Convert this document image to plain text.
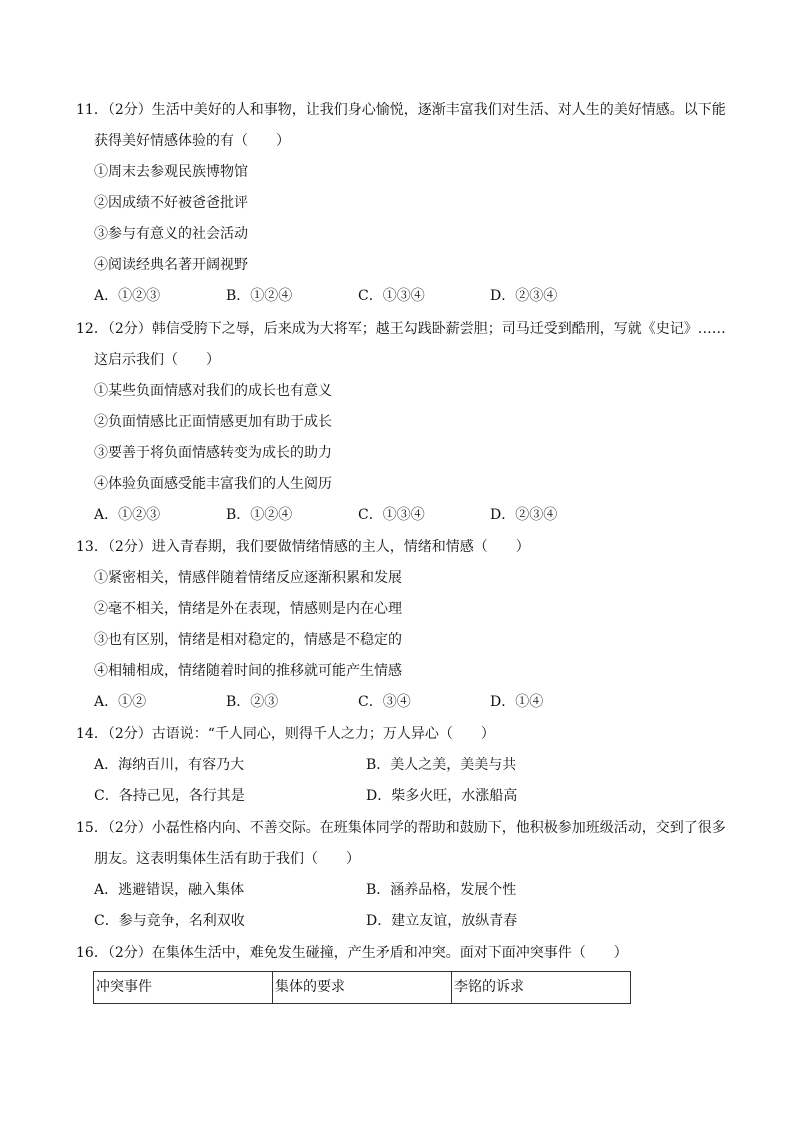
11．（2分）生活中美好的人和事物，让我们身心愉悦，逐渐丰富我们对生活、对人生的美好情感。以下能

获得美好情感体验的有（　　）

①周末去参观民族博物馆

②因成绩不好被爸爸批评

③参与有意义的社会活动

④阅读经典名著开阔视野

A．①②③	B．①②④	C．①③④	D．②③④

12．（2分）韩信受胯下之辱，后来成为大将军；越王勾践卧薪尝胆；司马迁受到酷刑，写就《史记》……

这启示我们（　　）

①某些负面情感对我们的成长也有意义

②负面情感比正面情感更加有助于成长

③要善于将负面情感转变为成长的助力

④体验负面感受能丰富我们的人生阅历

A．①②③	B．①②④	C．①③④	D．②③④

13．（2分）进入青春期，我们要做情绪情感的主人，情绪和情感（　　）

①紧密相关，情感伴随着情绪反应逐渐积累和发展

②毫不相关，情绪是外在表现，情感则是内在心理

③也有区别，情绪是相对稳定的，情感是不稳定的

④相辅相成，情绪随着时间的推移就可能产生情感

A．①②	B．②③	C．③④	D．①④

14．（2分）古语说：“千人同心，则得千人之力；万人异心（　　）

A．海纳百川，有容乃大	B．美人之美，美美与共
C．各持己见，各行其是	D．柴多火旺，水涨船高

15．（2分）小磊性格内向、不善交际。在班集体同学的帮助和鼓励下，他积极参加班级活动，交到了很多

朋友。这表明集体生活有助于我们（　　）

A．逃避错误，融入集体	B．涵养品格，发展个性
C．参与竞争，名利双收	D．建立友谊，放纵青春

16．（2分）在集体生活中，难免发生碰撞，产生矛盾和冲突。面对下面冲突事件（　　）

冲突事件	集体的要求	李铭的诉求
